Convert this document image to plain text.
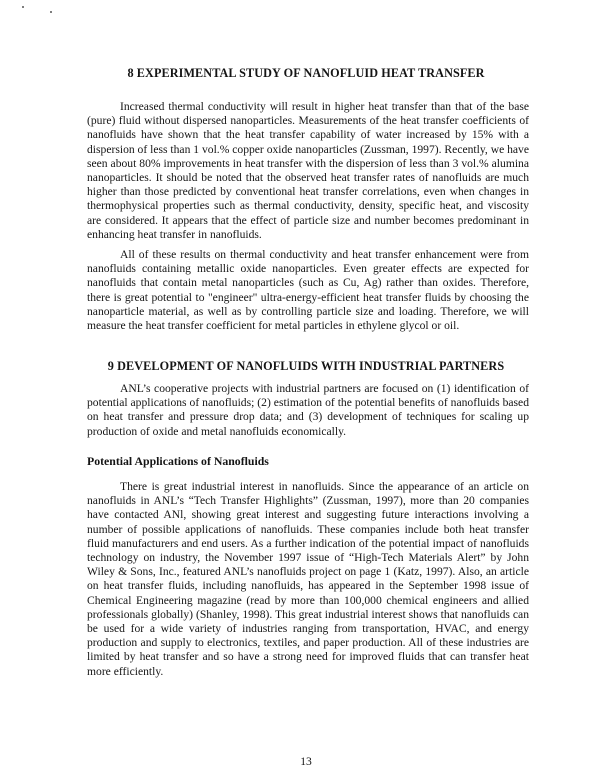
8 EXPERIMENTAL STUDY OF NANOFLUID HEAT TRANSFER

Increased thermal conductivity will result in higher heat transfer than that of the base (pure) fluid without dispersed nanoparticles. Measurements of the heat transfer coefficients of nanofluids have shown that the heat transfer capability of water increased by 15% with a dispersion of less than 1 vol.% copper oxide nanoparticles (Zussman, 1997). Recently, we have seen about 80% improvements in heat transfer with the dispersion of less than 3 vol.% alumina nanoparticles. It should be noted that the observed heat transfer rates of nanofluids are much higher than those predicted by conventional heat transfer correlations, even when changes in thermophysical properties such as thermal conductivity, density, specific heat, and viscosity are considered. It appears that the effect of particle size and number becomes predominant in enhancing heat transfer in nanofluids.

All of these results on thermal conductivity and heat transfer enhancement were from nanofluids containing metallic oxide nanoparticles. Even greater effects are expected for nanofluids that contain metal nanoparticles (such as Cu, Ag) rather than oxides. Therefore, there is great potential to "engineer" ultra-energy-efficient heat transfer fluids by choosing the nanoparticle material, as well as by controlling particle size and loading. Therefore, we will measure the heat transfer coefficient for metal particles in ethylene glycol or oil.

9 DEVELOPMENT OF NANOFLUIDS WITH INDUSTRIAL PARTNERS

ANL’s cooperative projects with industrial partners are focused on (1) identification of potential applications of nanofluids; (2) estimation of the potential benefits of nanofluids based on heat transfer and pressure drop data; and (3) development of techniques for scaling up production of oxide and metal nanofluids economically.

Potential Applications of Nanofluids

There is great industrial interest in nanofluids. Since the appearance of an article on nanofluids in ANL’s “Tech Transfer Highlights” (Zussman, 1997), more than 20 companies have contacted ANl, showing great interest and suggesting future interactions involving a number of possible applications of nanofluids. These companies include both heat transfer fluid manufacturers and end users. As a further indication of the potential impact of nanofluids technology on industry, the November 1997 issue of “High-Tech Materials Alert” by John Wiley & Sons, Inc., featured ANL’s nanofluids project on page 1 (Katz, 1997). Also, an article on heat transfer fluids, including nanofluids, has appeared in the September 1998 issue of Chemical Engineering magazine (read by more than 100,000 chemical engineers and allied professionals globally) (Shanley, 1998). This great industrial interest shows that nanofluids can be used for a wide variety of industries ranging from transportation, HVAC, and energy production and supply to electronics, textiles, and paper production. All of these industries are limited by heat transfer and so have a strong need for improved fluids that can transfer heat more efficiently.

13
